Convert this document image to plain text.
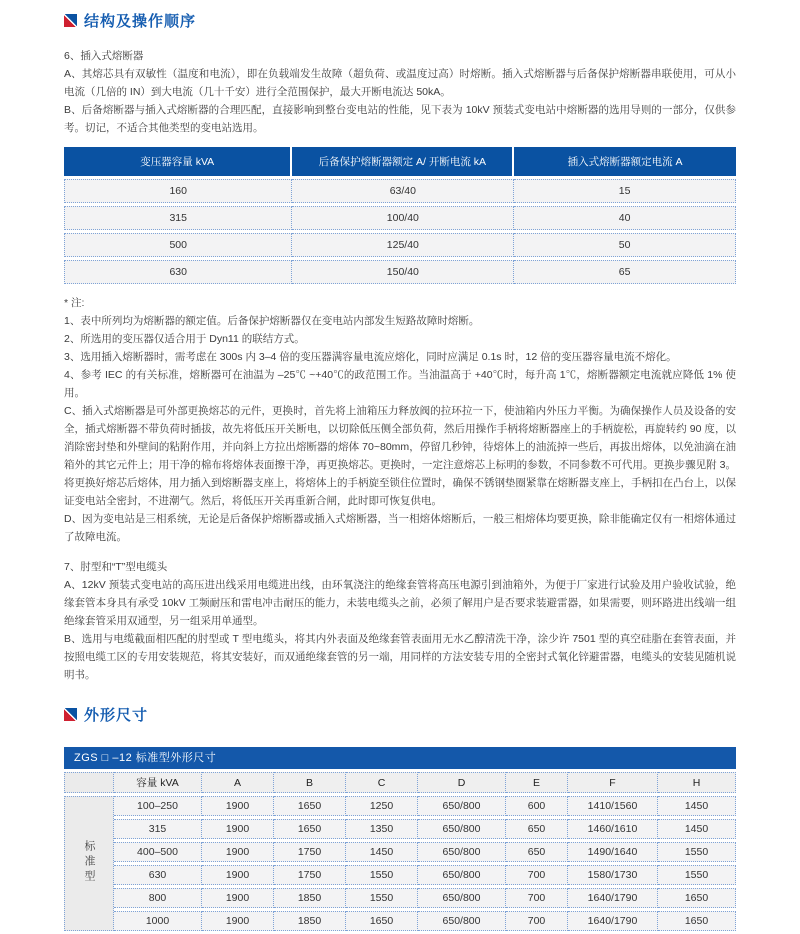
结构及操作顺序

6、插入式熔断器

A、其熔芯具有双敏性（温度和电流），即在负载端发生故障（超负荷、或温度过高）时熔断。插入式熔断器与后备保护熔断器串联使用，可从小电流（几倍的 IN）到大电流（几十千安）进行全范围保护，最大开断电流达 50kA。

B、后备熔断器与插入式熔断器的合理匹配，直接影响到整台变电站的性能，见下表为 10kV 预装式变电站中熔断器的选用导则的一部分，仅供参考。切记，不适合其他类型的变电站选用。

变压器容量 kVA	后备保护熔断器额定 A/ 开断电流 kA	插入式熔断器额定电流 A
160	63/40	15
315	100/40	40
500	125/40	50
630	150/40	65

* 注:

1、表中所列均为熔断器的额定值。后备保护熔断器仅在变电站内部发生短路故障时熔断。

2、所选用的变压器仅适合用于 Dyn11 的联结方式。

3、选用插入熔断器时，需考虑在 300s 内 3–4 倍的变压器满容量电流应熔化，同时应满足 0.1s 时，12 倍的变压器容量电流不熔化。

4、参考 IEC 的有关标准，熔断器可在油温为 –25℃ ~+40℃的政范围工作。当油温高于 +40℃时，每升高 1℃，熔断器额定电流就应降低 1% 使用。

C、插入式熔断器是可外部更换熔芯的元件，更换时，首先将上油箱压力释放阀的拉环拉一下，使油箱内外压力平衡。为确保操作人员及设备的安全，插式熔断器不带负荷时插拔，故先将低压开关断电，以切除低压侧全部负荷，然后用操作手柄将熔断器座上的手柄旋松，再旋转约 90 度，以消除密封垫和外壁间的粘附作用，并向斜上方拉出熔断器的熔体 70~80mm，停留几秒钟，待熔体上的油流掉一些后，再拔出熔体，以免油滴在油箱外的其它元件上；用干净的棉布将熔体表面擦干净，再更换熔芯。更换时，一定注意熔芯上标明的参数，不同参数不可代用。更换步骤见附 3。将更换好熔芯后熔体，用力插入到熔断器支座上，将熔体上的手柄旋至锁住位置时，确保不锈钢垫圈紧靠在熔断器支座上，手柄扣在凸台上，以保证变电站全密封，不进潮气。然后，将低压开关再重新合闸，此时即可恢复供电。

D、因为变电站是三相系统，无论是后备保护熔断器或插入式熔断器，当一相熔体熔断后，一般三相熔体均要更换，除非能确定仅有一相熔体通过了故障电流。

7、肘型和“T”型电缆头

A、12kV 预装式变电站的高压进出线采用电缆进出线，由环氧浇注的绝缘套管将高压电源引到油箱外，为便于厂家进行试验及用户验收试验，绝缘套管本身具有承受 10kV 工频耐压和雷电冲击耐压的能力，未装电缆头之前，必须了解用户是否要求装避雷器，如果需要，则环路进出线端一组绝缘套管采用双通型，另一组采用单通型。

B、选用与电缆截面相匹配的肘型或 T 型电缆头，将其内外表面及绝缘套管表面用无水乙醇清洗干净，涂少许 7501 型的真空硅脂在套管表面，并按照电缆工区的专用安装规范，将其安装好，而双通绝缘套管的另一端，用同样的方法安装专用的全密封式氧化锌避雷器，电缆头的安装见随机说明书。

外形尺寸
ZGS □ –12 标准型外形尺寸
	容量 kVA	A	B	C	D	E	F	H
标准型	100–250	1900	1650	1250	650/800	600	1410/1560	1450
	315	1900	1650	1350	650/800	650	1460/1610	1450
	400–500	1900	1750	1450	650/800	650	1490/1640	1550
	630	1900	1750	1550	650/800	700	1580/1730	1550
	800	1900	1850	1550	650/800	700	1640/1790	1650
	1000	1900	1850	1650	650/800	700	1640/1790	1650
